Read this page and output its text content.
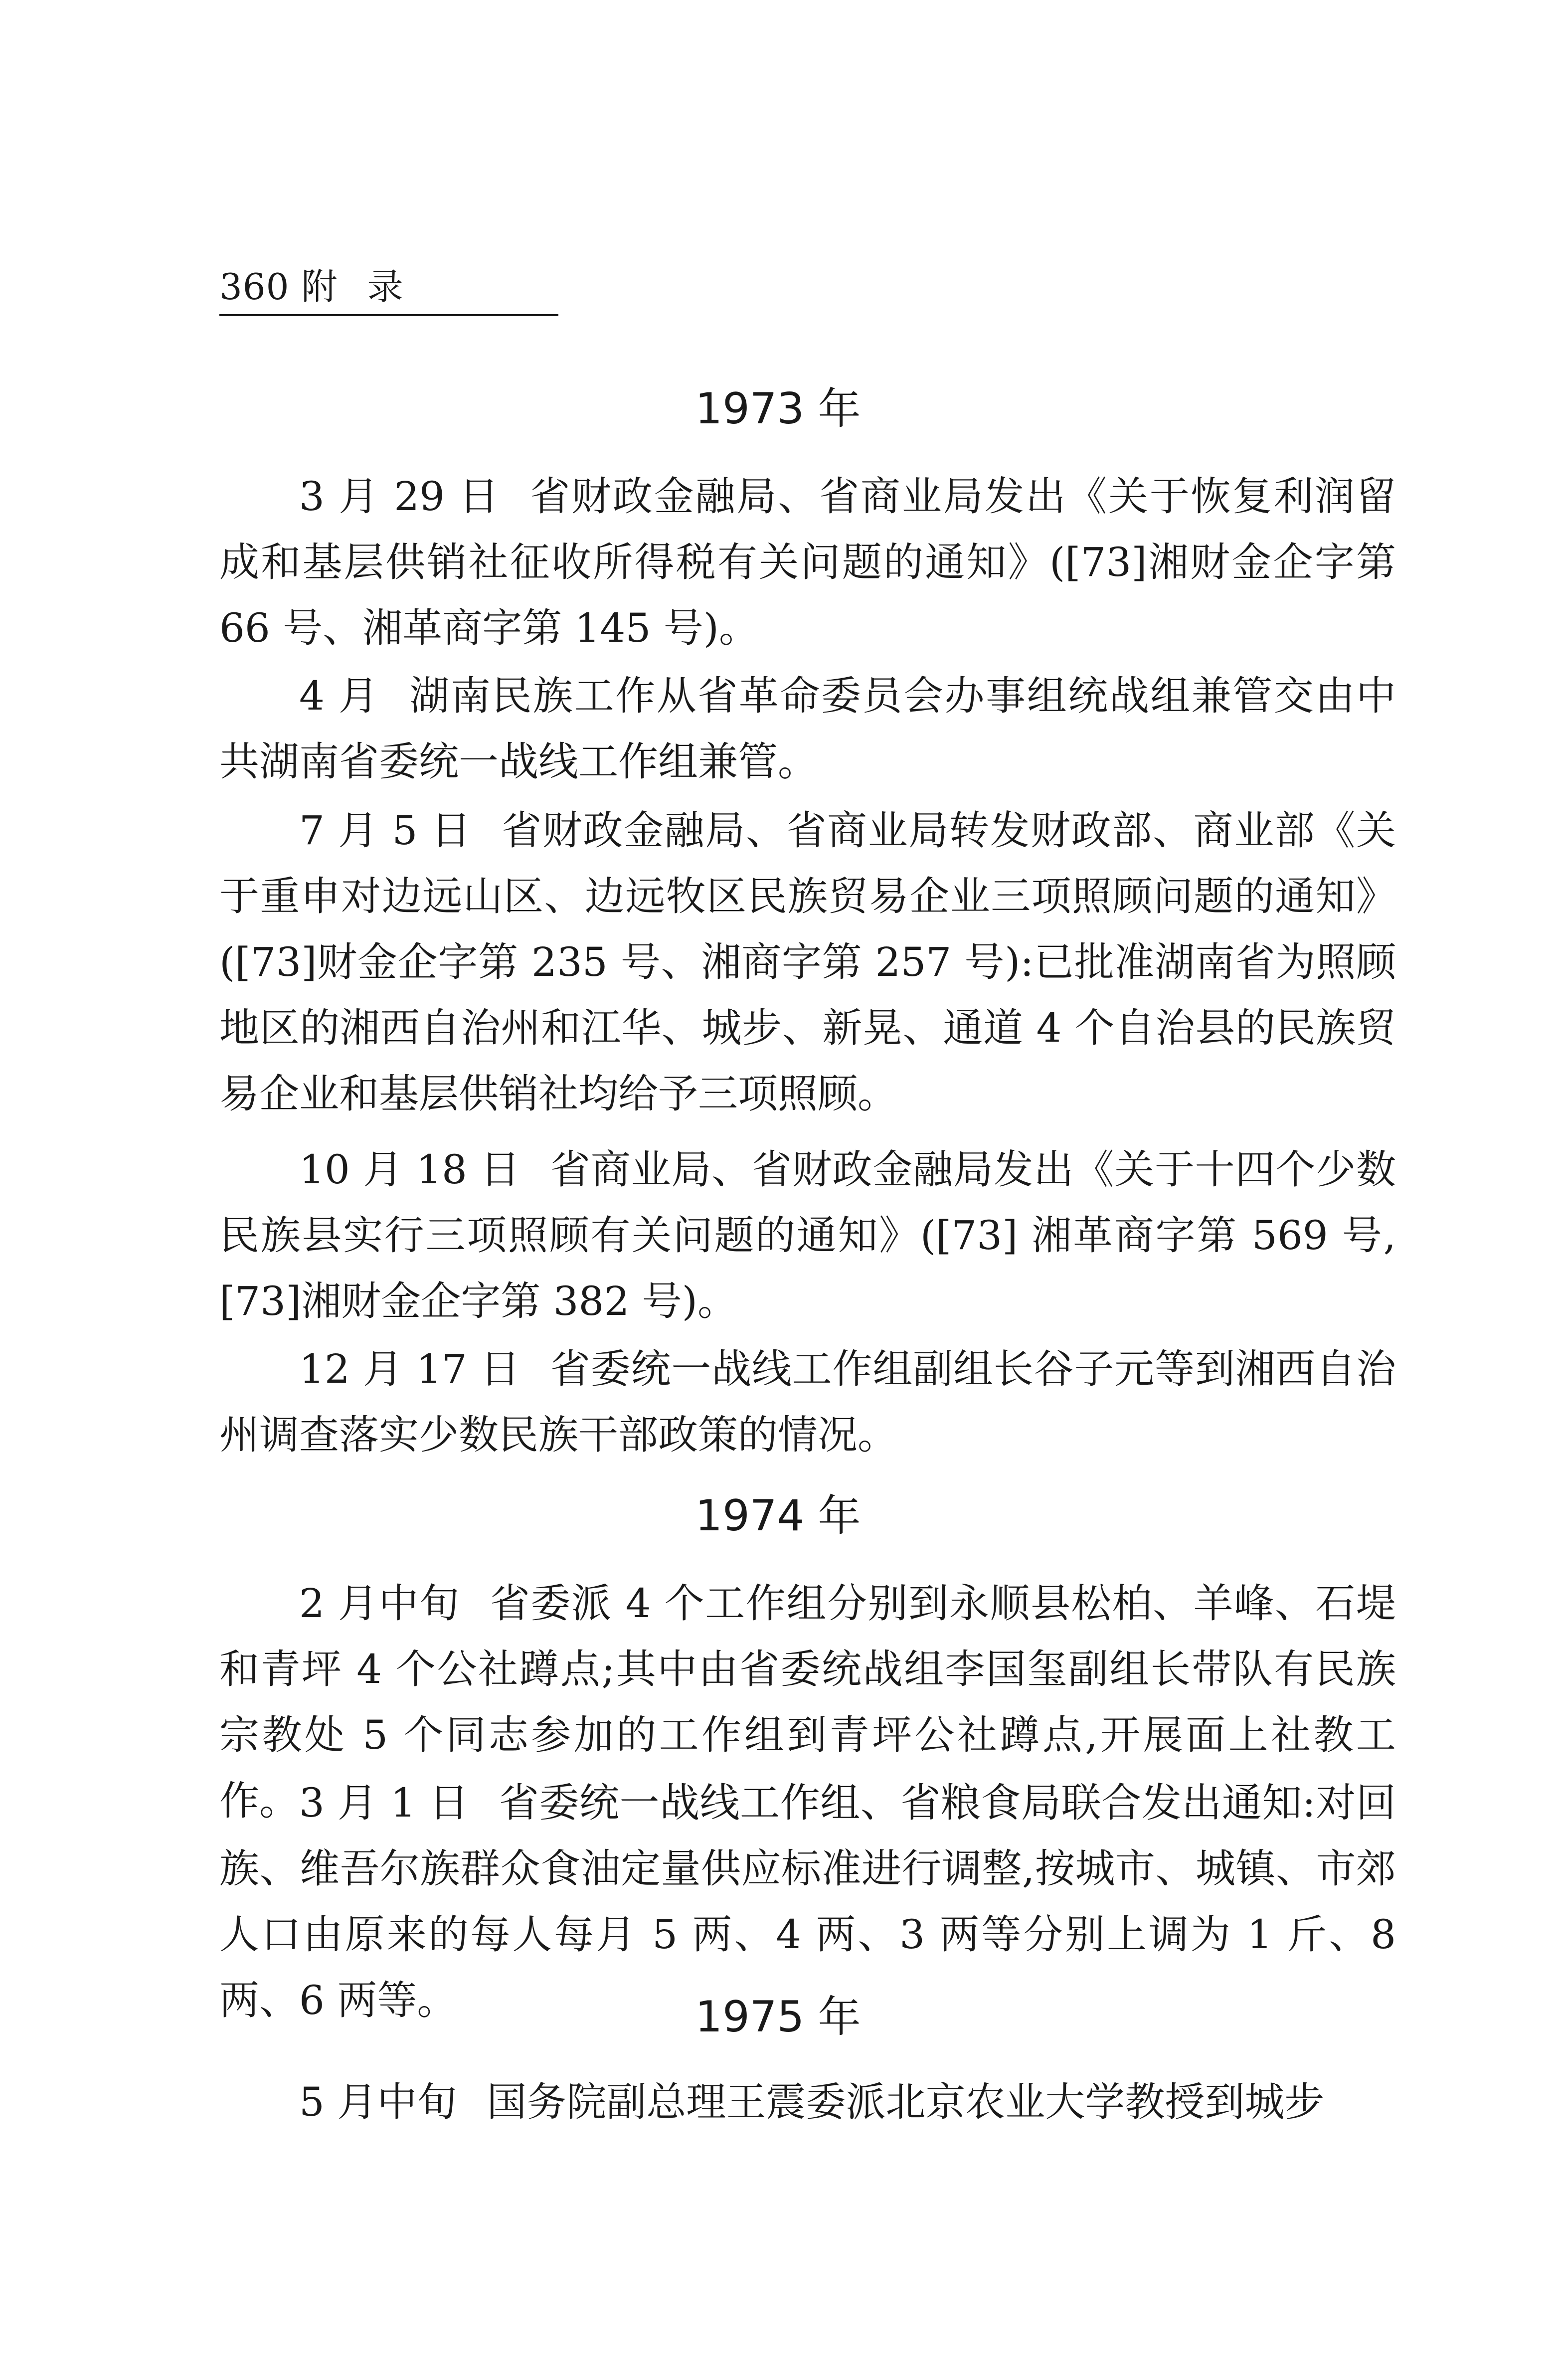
360 附录
1973 年

3 月 29 日 省财政金融局、省商业局发出《关于恢复利润留成和基层供销社征收所得税有关问题的通知》([73]湘财金企字第 66 号、湘革商字第 145 号)。

4 月 湖南民族工作从省革命委员会办事组统战组兼管交由中共湖南省委统一战线工作组兼管。

7 月 5 日 省财政金融局、省商业局转发财政部、商业部《关于重申对边远山区、边远牧区民族贸易企业三项照顾问题的通知》([73]财金企字第 235 号、湘商字第 257 号):已批准湖南省为照顾地区的湘西自治州和江华、城步、新晃、通道 4 个自治县的民族贸易企业和基层供销社均给予三项照顾。

10 月 18 日 省商业局、省财政金融局发出《关于十四个少数民族县实行三项照顾有关问题的通知》([73] 湘革商字第 569 号,[73]湘财金企字第 382 号)。

12 月 17 日 省委统一战线工作组副组长谷子元等到湘西自治州调查落实少数民族干部政策的情况。

1974 年

2 月中旬 省委派 4 个工作组分别到永顺县松柏、羊峰、石堤和青坪 4 个公社蹲点;其中由省委统战组李国玺副组长带队有民族宗教处 5 个同志参加的工作组到青坪公社蹲点,开展面上社教工作。 3 月 1 日 省委统一战线工作组、省粮食局联合发出通知:对回族、维吾尔族群众食油定量供应标准进行调整,按城市、城镇、市郊人口由原来的每人每月 5 两、4 两、3 两等分别上调为 1 斤、8 两、6 两等。	1975 年

5 月中旬 国务院副总理王震委派北京农业大学教授到城步
